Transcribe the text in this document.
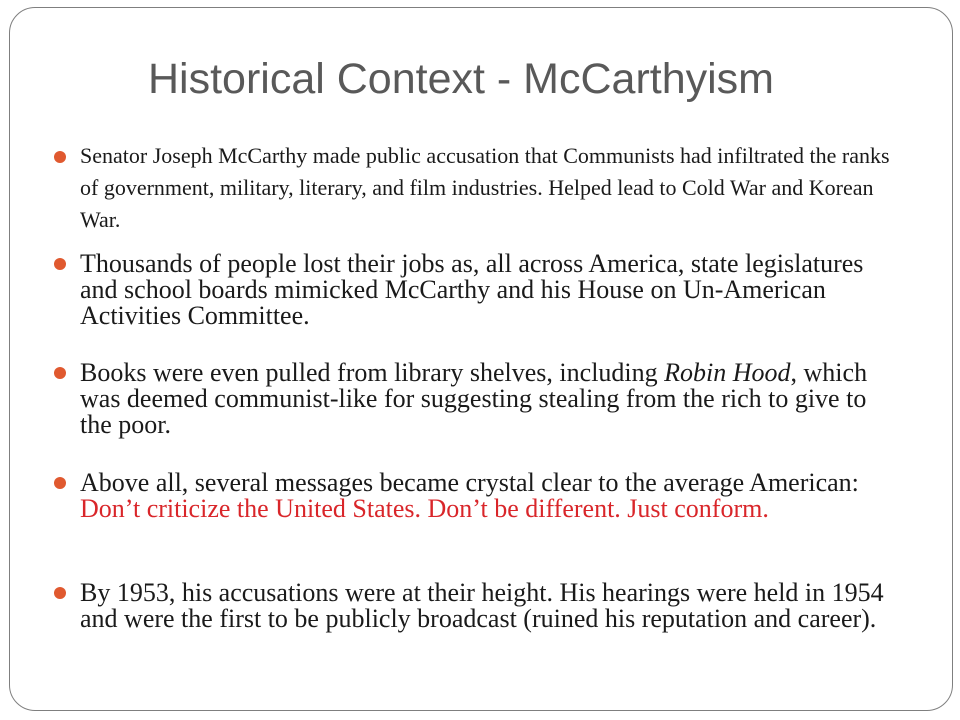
Historical Context - McCarthyism
Senator Joseph McCarthy made public accusation that Communists had infiltrated the ranks of government, military, literary, and film industries. Helped lead to Cold War and Korean War.
Thousands of people lost their jobs as, all across America, state legislatures and school boards mimicked McCarthy and his House on Un-American Activities Committee.
Books were even pulled from library shelves, including Robin Hood, which was deemed communist-like for suggesting stealing from the rich to give to the poor.
Above all, several messages became crystal clear to the average American: Don’t criticize the United States. Don’t be different. Just conform.
By 1953, his accusations were at their height. His hearings were held in 1954 and were the first to be publicly broadcast (ruined his reputation and career).
